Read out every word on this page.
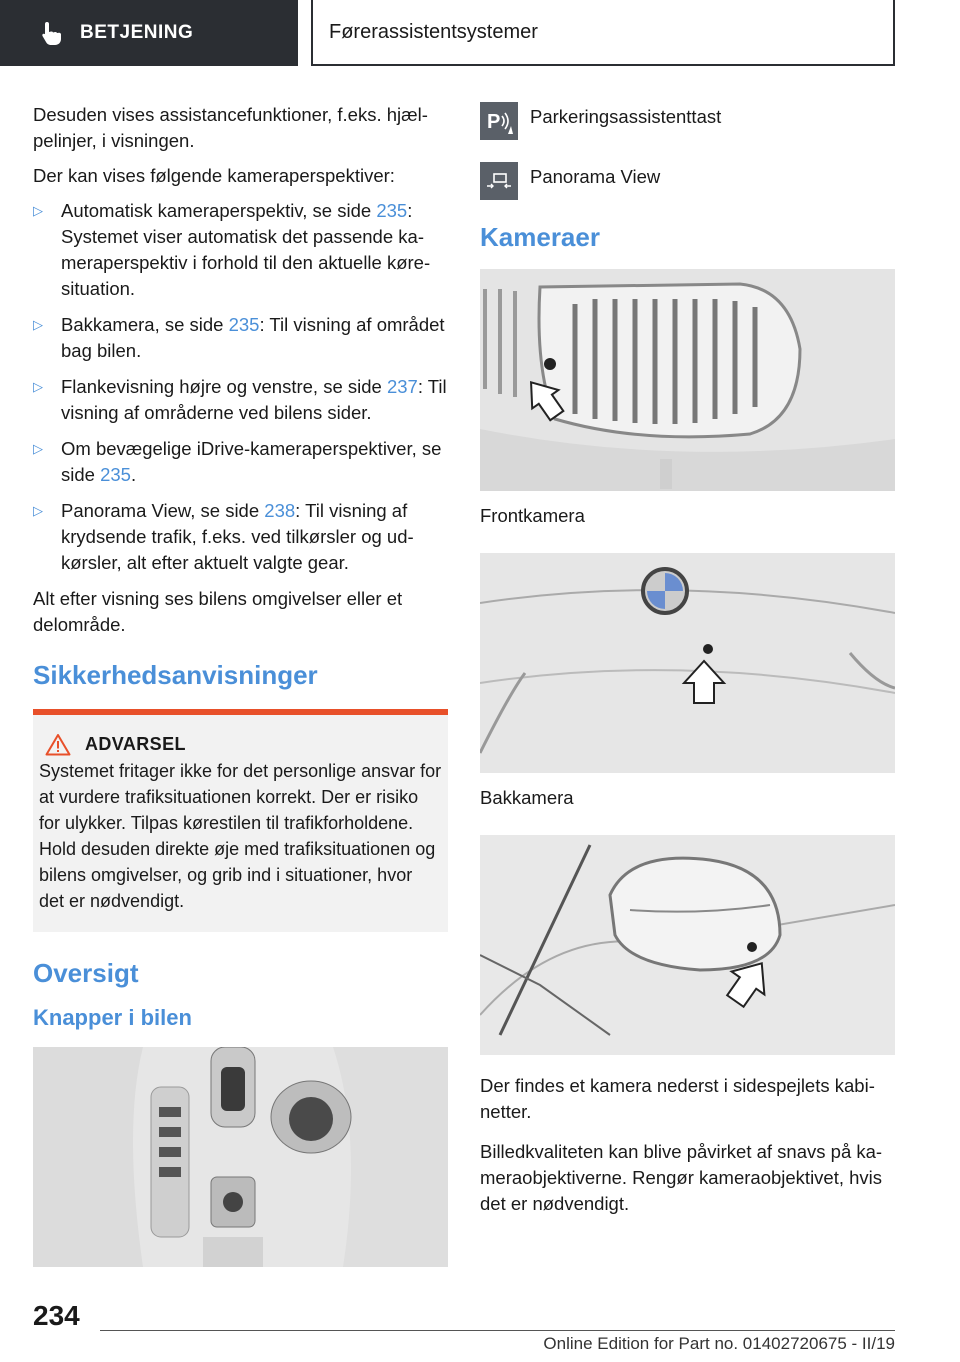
BETJENING	Førerassistentsystemer

Desuden vises assistancefunktioner, f.eks. hjælpelinjer, i visningen.

Der kan vises følgende kameraperspektiver:

▷ Automatisk kameraperspektiv, se side 235: Systemet viser automatisk det passende kameraperspektiv i forhold til den aktuelle køresituation.
▷ Bakkamera, se side 235: Til visning af området bag bilen.
▷ Flankevisning højre og venstre, se side 237: Til visning af områderne ved bilens sider.
▷ Om bevægelige iDrive-kameraperspektiver, se side 235.
▷ Panorama View, se side 238: Til visning af krydsende trafik, f.eks. ved tilkørsler og udkørsler, alt efter aktuelt valgte gear.

Alt efter visning ses bilens omgivelser eller et delområde.

Sikkerhedsanvisninger
ADVARSEL

Systemet fritager ikke for det personlige ansvar for at vurdere trafiksituationen korrekt. Der er risiko for ulykker. Tilpas kørestilen til trafikforholdene. Hold desuden direkte øje med trafiksituationen og bilens omgivelser, og grib ind i situationer, hvor det er nødvendigt.

Oversigt
Knapper i bilen
P Parkeringsassistenttast
Panorama View
Kameraer

Frontkamera

Bakkamera

Der findes et kamera nederst i sidespejlets kabinetter.

Billedkvaliteten kan blive påvirket af snavs på kameraobjektiverne. Rengør kameraobjektivet, hvis det er nødvendigt.

234
Online Edition for Part no. 01402720675 - II/19
